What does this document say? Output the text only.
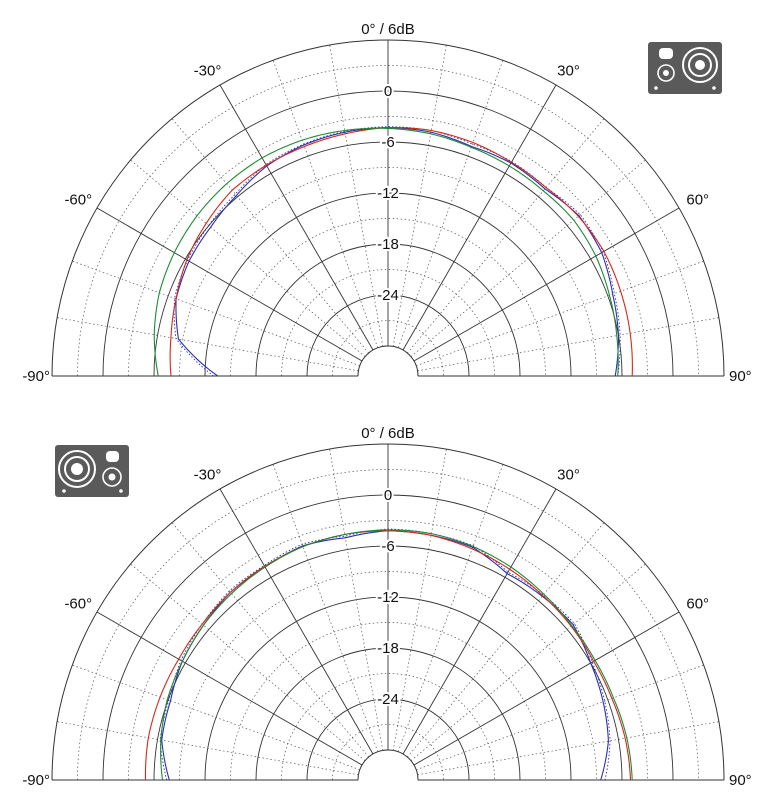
0° / 6dB
0
-6
-12
-18
-24
-90°
-60°
-30°	30°
60°
90°
0° / 6dB
0
-6
-12
-18
-24
-90°
-60°
-30°	30°
60°
90°
